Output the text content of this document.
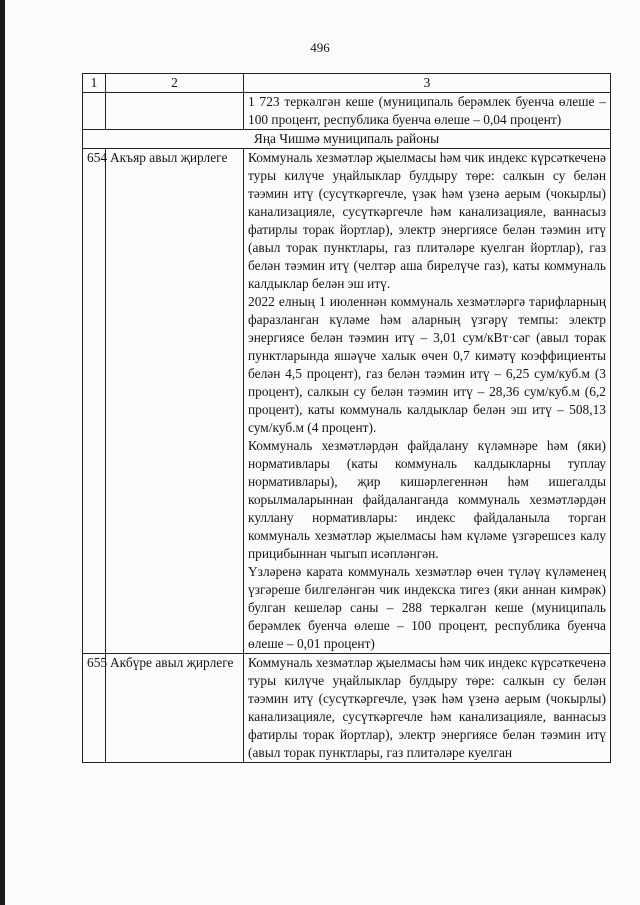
496
1	2	3

		1 723 теркәлгән кеше (муниципаль берәмлек буенча өлеше – 100 процент, республика буенча өлеше – 0,04 процент)

Яңа Чишмә муниципаль районы		
654	Акъяр авыл җирлеге	Коммуналь хезмәтләр җыелмасы һәм чик индекс күрсәткеченә туры килүче уңайлыклар булдыру төре: салкын су белән тәэмин итү (сусүткәргечле, үзәк һәм үзенә аерым (чокырлы) канализацияле, сусүткәргечле һәм канализацияле, ваннасыз фатирлы торак йортлар), электр энергиясе белән тәэмин итү (авыл торак пунктлары, газ плитәләре куелган йортлар), газ белән тәэмин итү (челтәр аша бирелүче газ), каты коммуналь калдыклар белән эш итү.

2022 елның 1 июленнән коммуналь хезмәтләргә тарифларның фаразланган күләме һәм аларның үзгәрү темпы: электр энергиясе белән тәэмин итү – 3,01 сум/кВт·сәг (авыл торак пунктларында яшәүче халык өчен 0,7 кимәтү коэффициенты белән 4,5 процент), газ белән тәэмин итү – 6,25 сум/куб.м (3 процент), салкын су белән тәэмин итү – 28,36 сум/куб.м (6,2 процент), каты коммуналь калдыклар белән эш итү – 508,13 сум/куб.м (4 процент).

Коммуналь хезмәтләрдән файдалану күләмнәре һәм (яки) нормативлары (каты коммуналь калдыкларны туплау нормативлары), җир кишәрлегеннән һәм ишегалды корылмаларыннан файдаланганда коммуналь хезмәтләрдән куллану нормативлары: индекс файдаланыла торган коммуналь хезмәтләр җыелмасы һәм күләме үзгәрешсез калу прицибыннан чыгып исәпләнгән.

Үзләренә карата коммуналь хезмәтләр өчен түләү күләменең үзгәреше билгеләнгән чик индекска тигез (яки аннан кимрәк) булган кешеләр саны – 288 теркәлгән кеше (муниципаль берәмлек буенча өлеше – 100 процент, республика буенча өлеше – 0,01 процент)

655	Акбүре авыл җирлеге	Коммуналь хезмәтләр җыелмасы һәм чик индекс күрсәткеченә туры килүче уңайлыклар булдыру төре: салкын су белән тәэмин итү (сусүткәргечле, үзәк һәм үзенә аерым (чокырлы) канализацияле, сусүткәргечле һәм канализацияле, ваннасыз фатирлы торак йортлар), электр энергиясе белән тәэмин итү (авыл торак пунктлары, газ плитәләре куелган
